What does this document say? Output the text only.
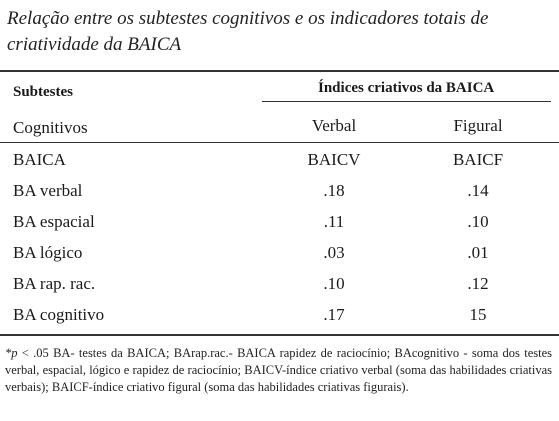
Relação entre os subtestes cognitivos e os indicadores totais de criatividade da BAICA
Subtestes	Índices criativos da BAICA
Cognitivos	Verbal	Figural
BAICA	BAICV	BAICF
BA verbal	.18	.14
BA espacial	.11	.10
BA lógico	.03	.01
BA rap. rac.	.10	.12
BA cognitivo	.17	15
*p < .05 BA- testes da BAICA; BArap.rac.- BAICA rapidez de raciocínio; BAcognitivo - soma dos testes verbal, espacial, lógico e rapidez de raciocínio; BAICV-índice criativo verbal (soma das habilidades criativas verbais); BAICF-índice criativo figural (soma das habilidades criativas figurais).
